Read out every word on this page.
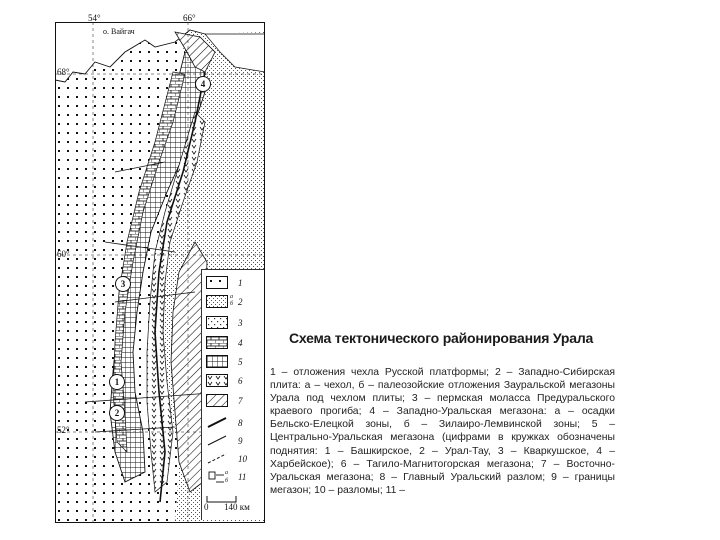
54°	66°
68°
60°
52°
о. Вайгач
4
3
1
2
1
а
б 2
3
4
5
6
7
8
9
10
а
б 11
0 140 км
Схема тектонического районирования Урала

1 – отложения чехла Русской платформы; 2 – Западно-Сибирская плита: а – чехол, б – палеозойские отложения Зауральской мегазоны Урала под чехлом плиты; 3 – пермская моласса Предуральского краевого прогиба; 4 – Западно-Уральская мегазона: а – осадки Бельско-Елецкой зоны, б – Зилаиро-Лемвинской зоны; 5 – Центрально-Уральская мегазона (цифрами в кружках обозначены поднятия: 1 – Башкирское, 2 – Урал-Тау, 3 – Кваркушское, 4 – Харбейское); 6 – Тагило-Магнитогорская мегазона; 7 – Восточно-Уральская мегазона; 8 – Главный Уральский разлом; 9 – границы мегазон; 10 – разломы; 11 –
